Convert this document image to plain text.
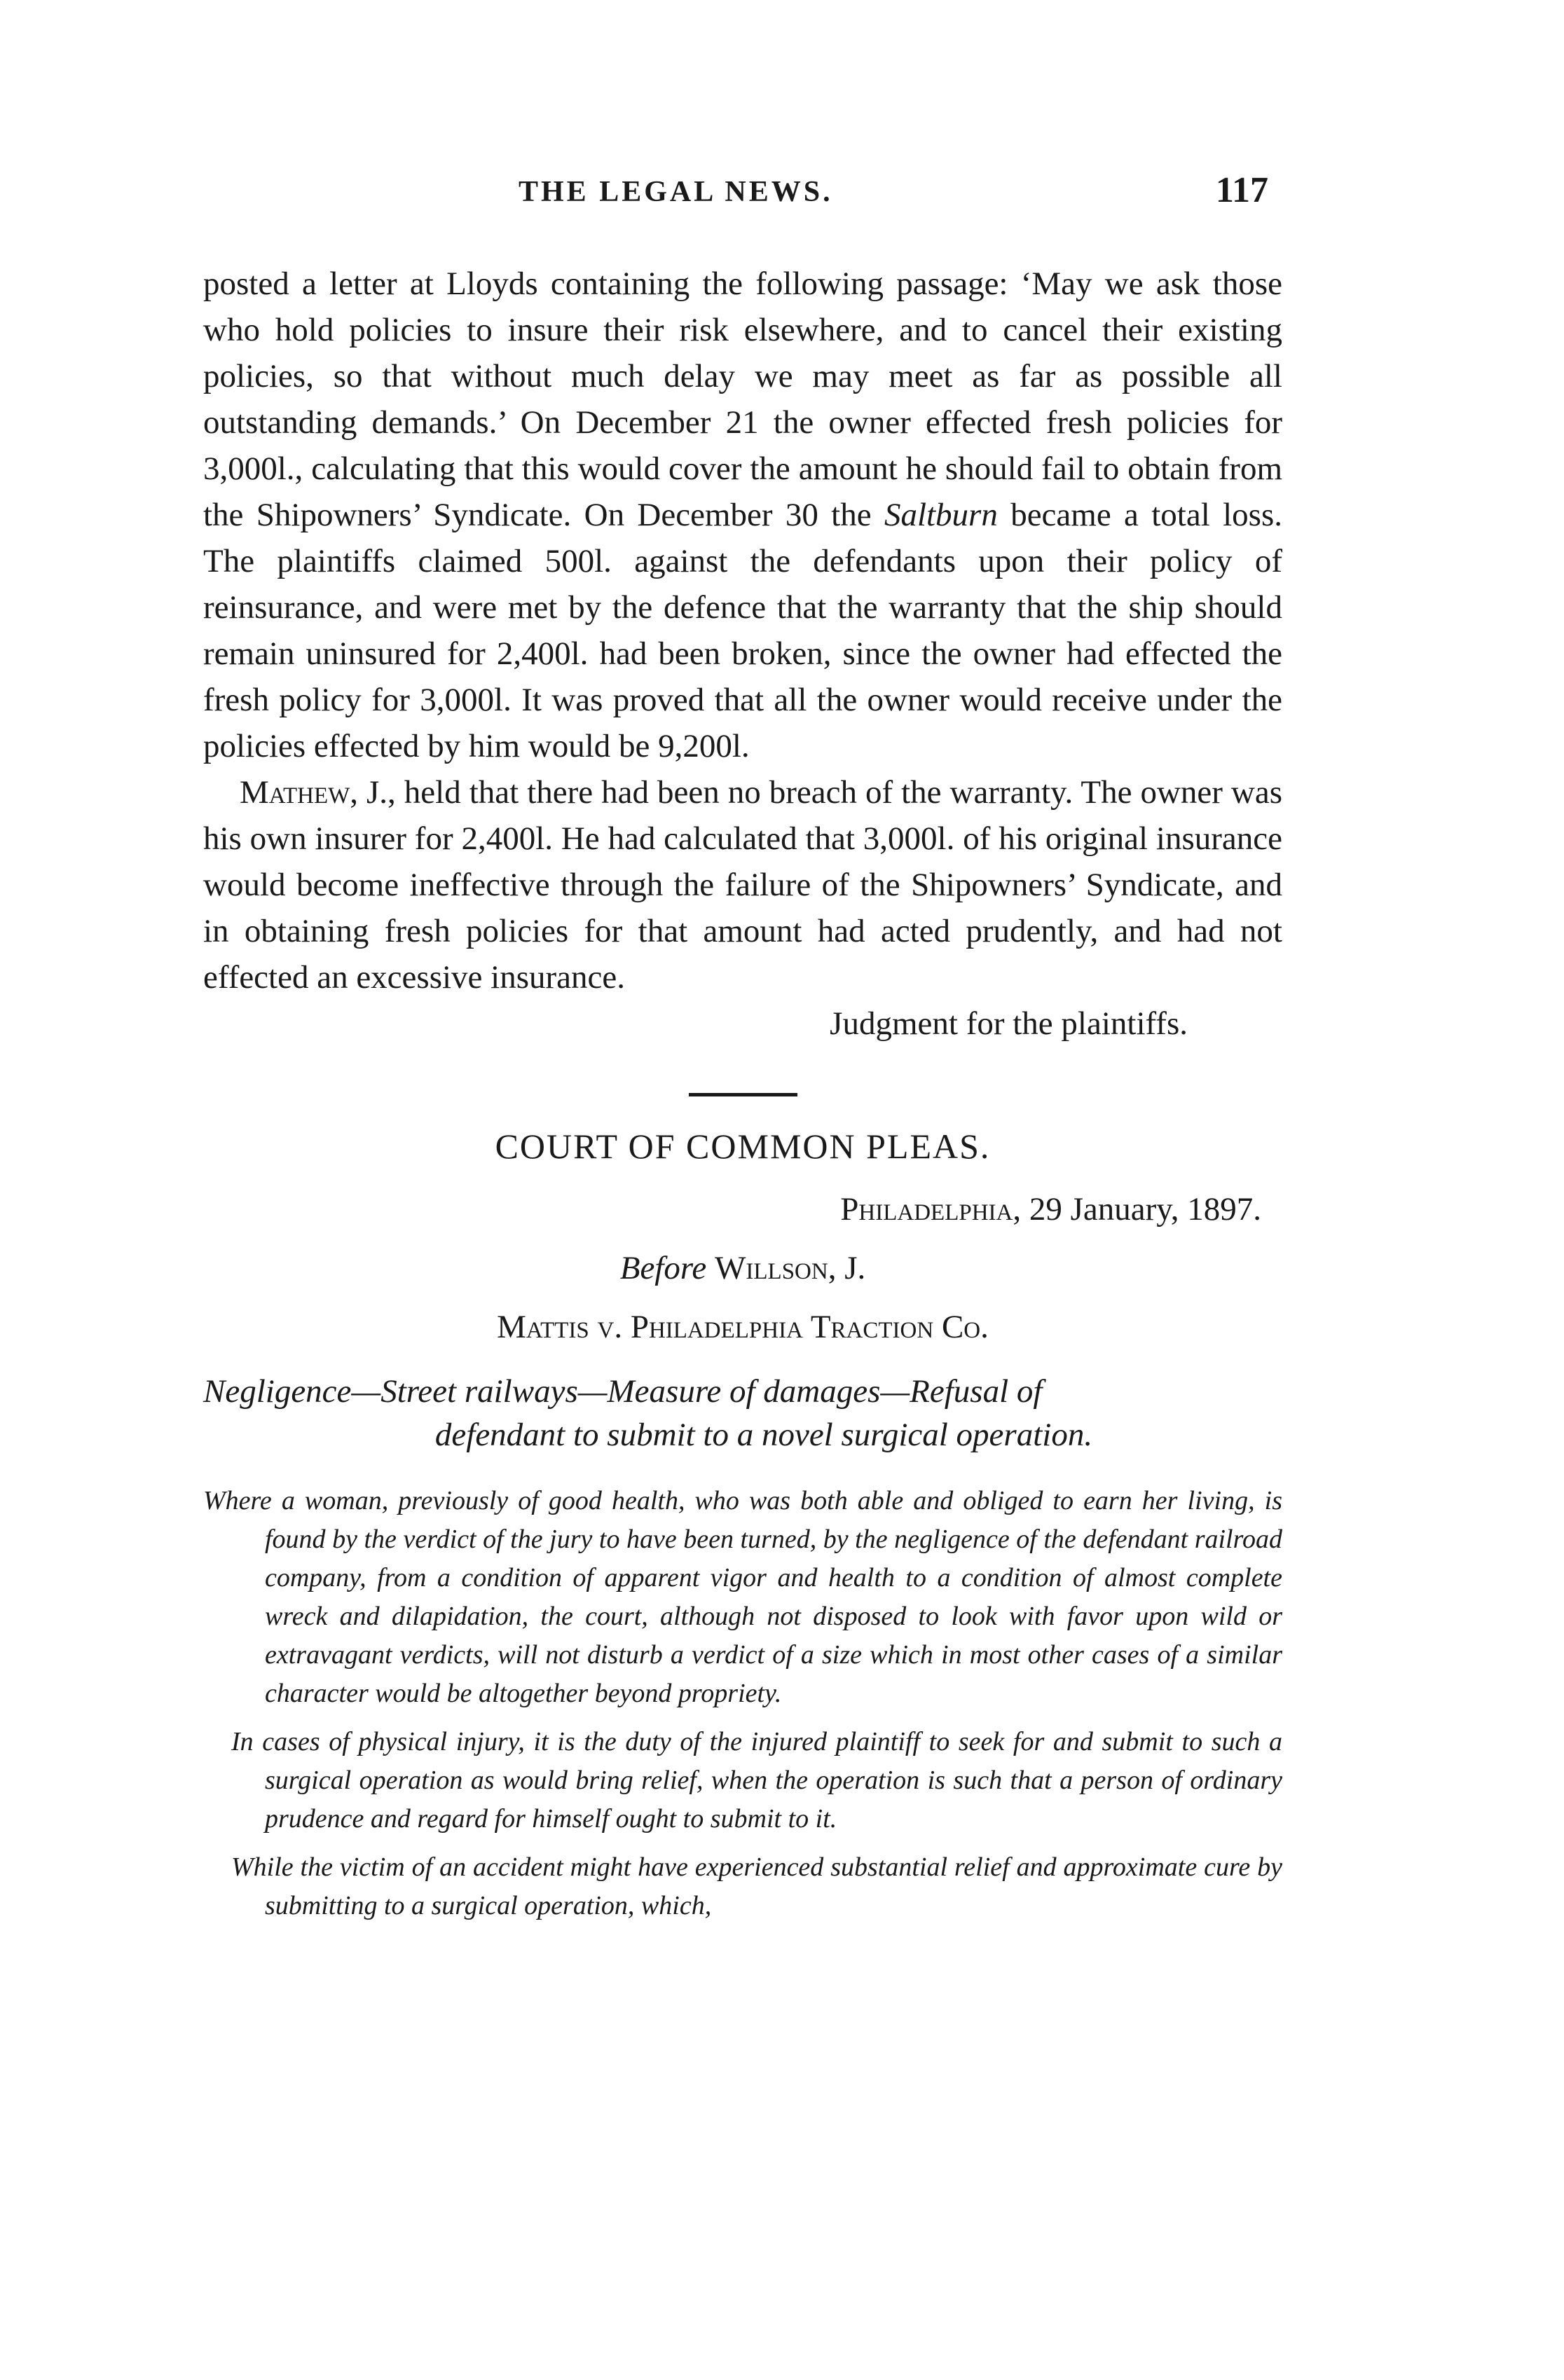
THE LEGAL NEWS.	117

posted a letter at Lloyds containing the following passage: ‘May we ask those who hold policies to insure their risk elsewhere, and to cancel their existing policies, so that without much delay we may meet as far as possible all outstanding demands.’ On December 21 the owner effected fresh policies for 3,000l., calculating that this would cover the amount he should fail to obtain from the Shipowners’ Syndicate. On December 30 the Saltburn became a total loss. The plaintiffs claimed 500l. against the defendants upon their policy of reinsurance, and were met by the defence that the warranty that the ship should remain uninsured for 2,400l. had been broken, since the owner had effected the fresh policy for 3,000l. It was proved that all the owner would receive under the policies effected by him would be 9,200l.

Mathew, J., held that there had been no breach of the warranty. The owner was his own insurer for 2,400l. He had calculated that 3,000l. of his original insurance would become ineffective through the failure of the Shipowners’ Syndicate, and in obtaining fresh policies for that amount had acted prudently, and had not effected an excessive insurance.

Judgment for the plaintiffs.

COURT OF COMMON PLEAS.

Philadelphia, 29 January, 1897.

Before Willson, J.

Mattis v. Philadelphia Traction Co.

Negligence—Street railways—Measure of damages—Refusal of
defendant to submit to a novel surgical operation.

Where a woman, previously of good health, who was both able and obliged to earn her living, is found by the verdict of the jury to have been turned, by the negligence of the defendant railroad company, from a condition of apparent vigor and health to a condition of almost complete wreck and dilapidation, the court, although not disposed to look with favor upon wild or extravagant verdicts, will not disturb a verdict of a size which in most other cases of a similar character would be altogether beyond propriety.

In cases of physical injury, it is the duty of the injured plaintiff to seek for and submit to such a surgical operation as would bring relief, when the operation is such that a person of ordinary prudence and regard for himself ought to submit to it.

While the victim of an accident might have experienced substantial relief and approximate cure by submitting to a surgical operation, which,
